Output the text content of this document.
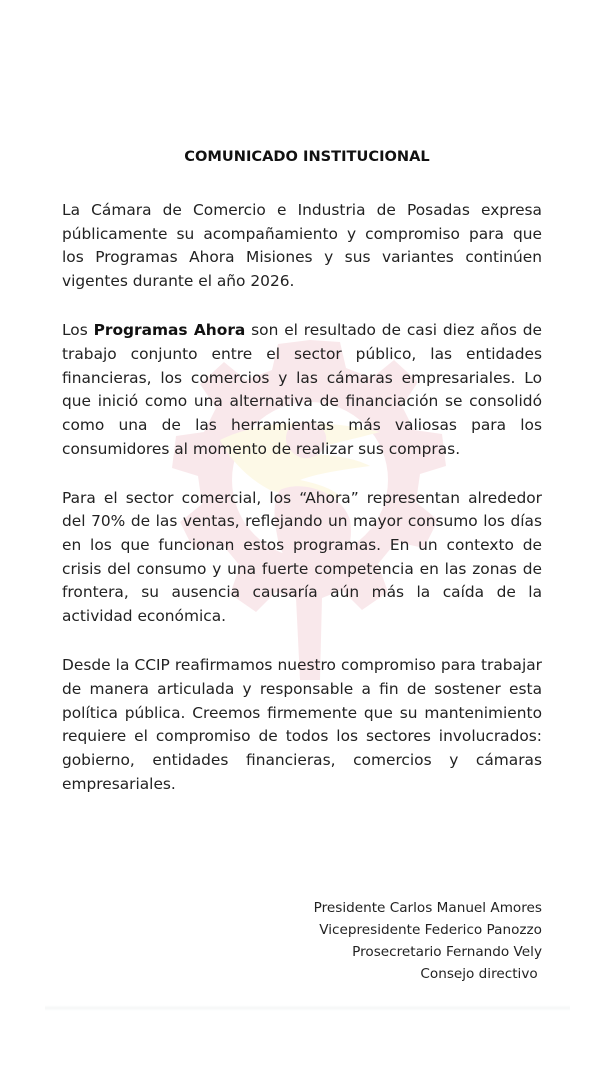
COMUNICADO INSTITUCIONAL

La Cámara de Comercio e Industria de Posadas expresa públicamente su acompañamiento y compromiso para que los Programas Ahora Misiones y sus variantes continúen vigentes durante el año 2026.

Los Programas Ahora son el resultado de casi diez años de trabajo conjunto entre el sector público, las entidades financieras, los comercios y las cámaras empresariales. Lo que inició como una alternativa de financiación se consolidó como una de las herramientas más valiosas para los consumidores al momento de realizar sus compras.

Para el sector comercial, los “Ahora” representan alrededor del 70% de las ventas, reflejando un mayor consumo los días en los que funcionan estos programas. En un contexto de crisis del consumo y una fuerte competencia en las zonas de frontera, su ausencia causaría aún más la caída de la actividad económica.

Desde la CCIP reafirmamos nuestro compromiso para trabajar de manera articulada y responsable a fin de sostener esta política pública. Creemos firmemente que su mantenimiento requiere el compromiso de todos los sectores involucrados: gobierno, entidades financieras, comercios y cámaras empresariales.

Presidente Carlos Manuel Amores
Vicepresidente Federico Panozzo
Prosecretario Fernando Vely
Consejo directivo
